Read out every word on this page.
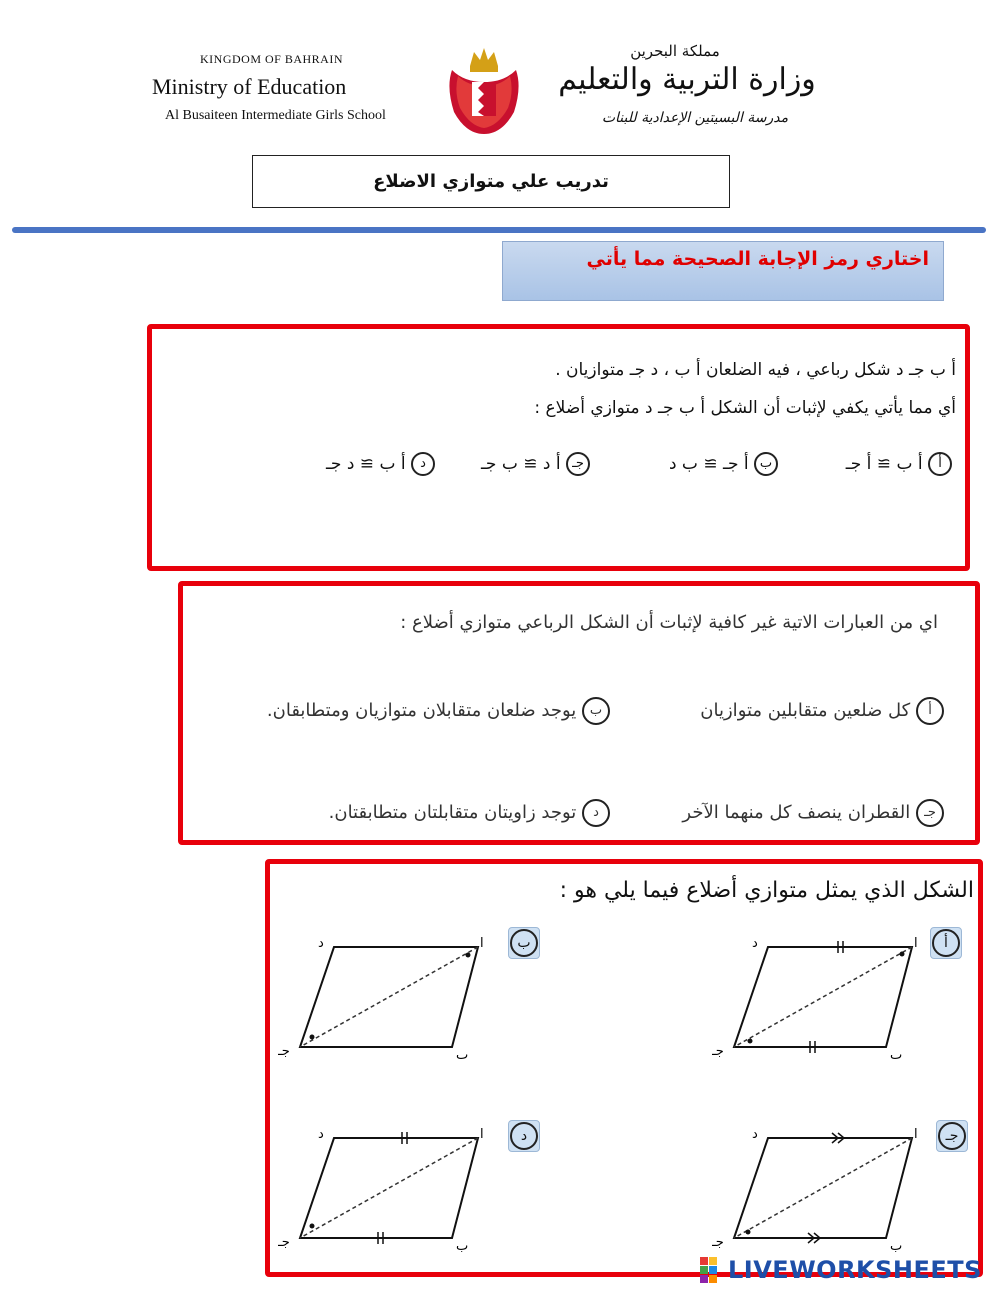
KINGDOM OF BAHRAIN
Ministry of Education
Al Busaiteen Intermediate Girls School
وزارة التربية والتعليم
مملكة البحرين
مدرسة البسيتين الإعدادية للبنات
تدريب علي متوازي الاضلاع
اختاري رمز الإجابة الصحيحة مما يأتي
أ ب جـ د شكل رباعي ، فيه الضلعان أ ب ، د جـ متوازيان .
أي مما يأتي يكفي لإثبات أن الشكل أ ب جـ د متوازي أضلاع :
أ أ ب ≅ أ جـ
ب أ جـ ≅ ب د
جـ أ د ≅ ب جـ
د أ ب ≅ د جـ
اي من العبارات الاتية غير كافية لإثبات أن الشكل الرباعي متوازي أضلاع :
أ كل ضلعين متقابلين متوازيان
ب يوجد ضلعان متقابلان متوازيان ومتطابقان.
جـ القطران ينصف كل منهما الآخر
د توجد زاويتان متقابلتان متطابقتان.
الشكل الذي يمثل متوازي أضلاع فيما يلي هو :
أ
ب
جـ
د
ا
د
ب
جـ
ا
د
ب
جـ
ا
د
ب
جـ
ا
د
ب
جـ
LIVEWORKSHEETS
